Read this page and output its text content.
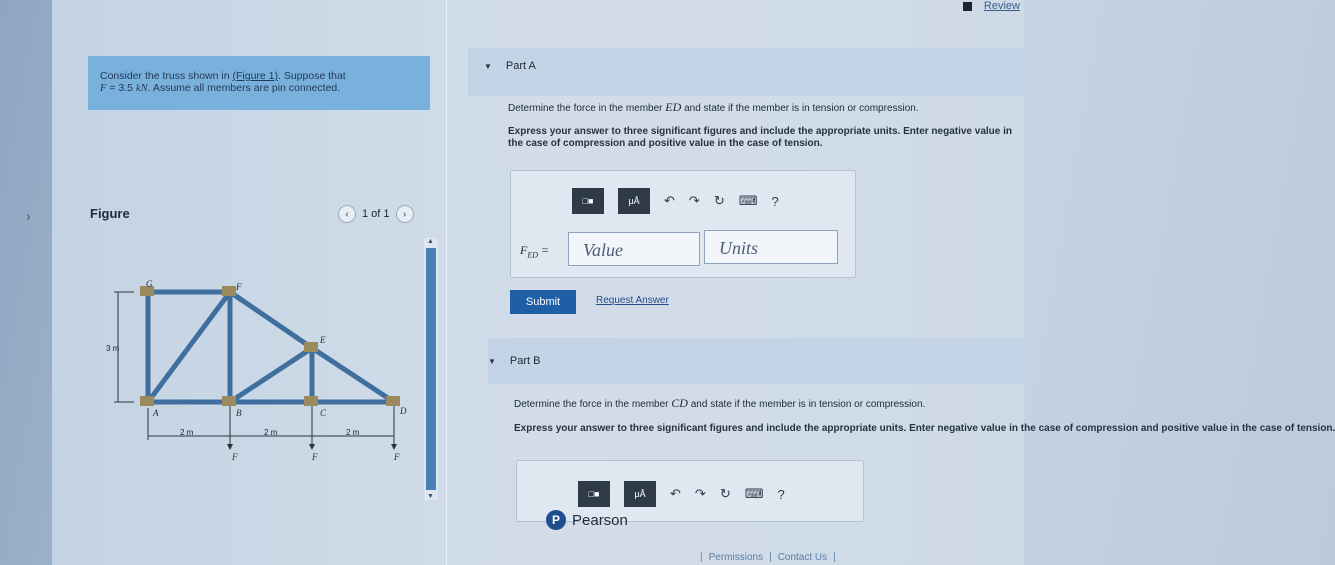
Review
›
Consider the truss shown in (Figure 1). Suppose that
F = 3.5 kN. Assume all members are pin connected.
Figure	‹	1 of 1	›
▲
▼
G	F
E
A	B	C	D
3 m
2 m	2 m	2 m
F	F	F
▼ Part A
Determine the force in the member ED and state if the member is in tension or compression.
Express your answer to three significant figures and include the appropriate units. Enter negative value in the case of compression and positive value in the case of tension.
□■	μÅ	↶ ↷ ↻ ⌨ ?
$F_{ED}$ =
Value
Units
Submit	Request Answer
▼ Part B
Determine the force in the member CD and state if the member is in tension or compression.
Express your answer to three significant figures and include the appropriate units. Enter negative value in the case of compression and positive value in the case of tension.
□■	μÅ	↶ ↷ ↻ ⌨ ?
P Pearson
| Permissions | Contact Us |
